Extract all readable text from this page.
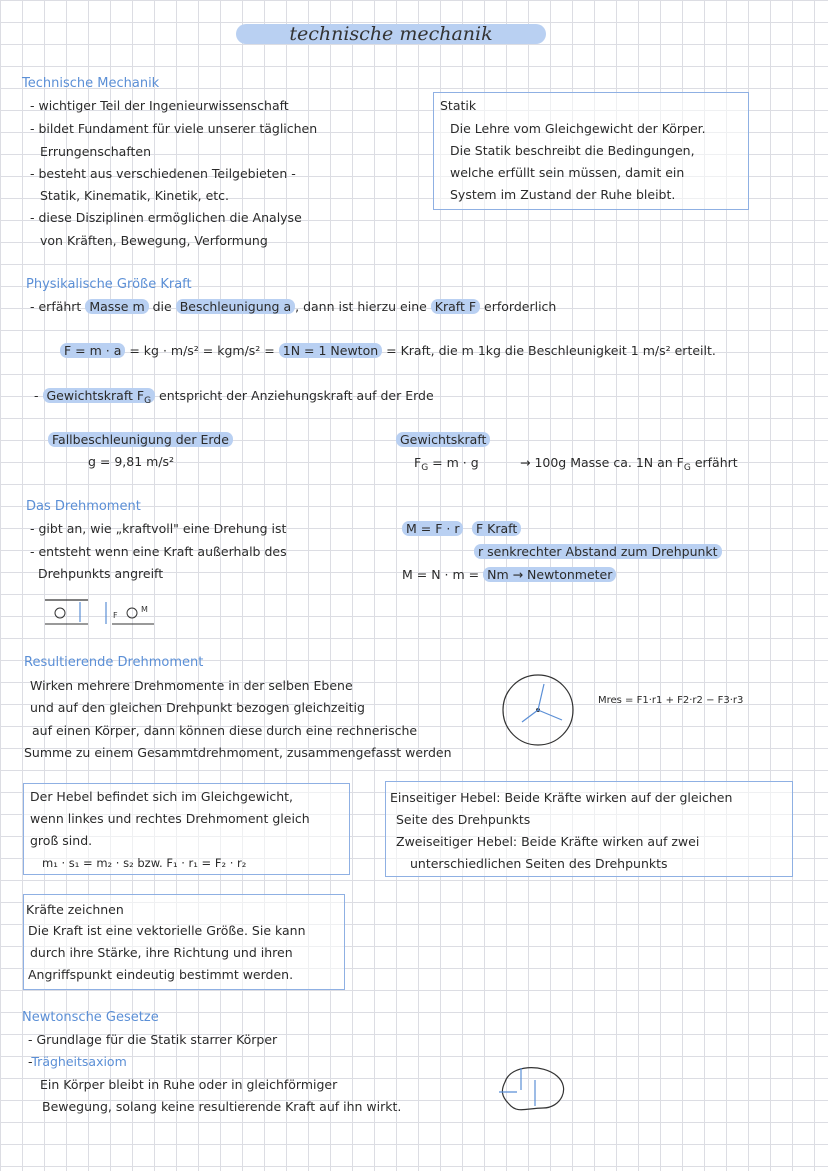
technische mechanik
Technische Mechanik
- wichtiger Teil der Ingenieurwissenschaft
- bildet Fundament für viele unserer täglichen
Errungenschaften
- besteht aus verschiedenen Teilgebieten -
Statik, Kinematik, Kinetik, etc.
- diese Disziplinen ermöglichen die Analyse
von Kräften, Bewegung, Verformung
Statik
Die Lehre vom Gleichgewicht der Körper.
Die Statik beschreibt die Bedingungen,
welche erfüllt sein müssen, damit ein
System im Zustand der Ruhe bleibt.
Physikalische Größe Kraft
- erfährt Masse m die Beschleunigung a , dann ist hierzu eine Kraft F erforderlich
F = m · a = kg · m/s² = kgm/s² = 1N = 1 Newton = Kraft, die m 1kg die Beschleunigkeit 1 m/s² erteilt.
- Gewichtskraft $F_G$ entspricht der Anziehungskraft auf der Erde
Fallbeschleunigung der Erde
g = 9,81 m/s²
Gewichtskraft
$F_G = m \cdot g$	→ 100g Masse ca. 1N an $F_G$ erfährt
Das Drehmoment
- gibt an, wie „kraftvoll" eine Drehung ist
- entsteht wenn eine Kraft außerhalb des
Drehpunkts angreift
M = F · r	F Kraft
r senkrechter Abstand zum Drehpunkt
M = N · m = Nm → Newtonmeter
F
M
Resultierende Drehmoment
Wirken mehrere Drehmomente in der selben Ebene
und auf den gleichen Drehpunkt bezogen gleichzeitig
auf einen Körper, dann können diese durch eine rechnerische
Summe zu einem Gesammtdrehmoment, zusammengefasst werden
Mres = F1·r1 + F2·r2 − F3·r3
Der Hebel befindet sich im Gleichgewicht,
wenn linkes und rechtes Drehmoment gleich
groß sind.
m₁ · s₁ = m₂ · s₂ bzw. F₁ · r₁ = F₂ · r₂
Einseitiger Hebel: Beide Kräfte wirken auf der gleichen
Seite des Drehpunkts
Zweiseitiger Hebel: Beide Kräfte wirken auf zwei
unterschiedlichen Seiten des Drehpunkts
Kräfte zeichnen
Die Kraft ist eine vektorielle Größe. Sie kann
durch ihre Stärke, ihre Richtung und ihren
Angriffspunkt eindeutig bestimmt werden.
Newtonsche Gesetze
- Grundlage für die Statik starrer Körper
-Trägheitsaxiom
Ein Körper bleibt in Ruhe oder in gleichförmiger
Bewegung, solang keine resultierende Kraft auf ihn wirkt.
